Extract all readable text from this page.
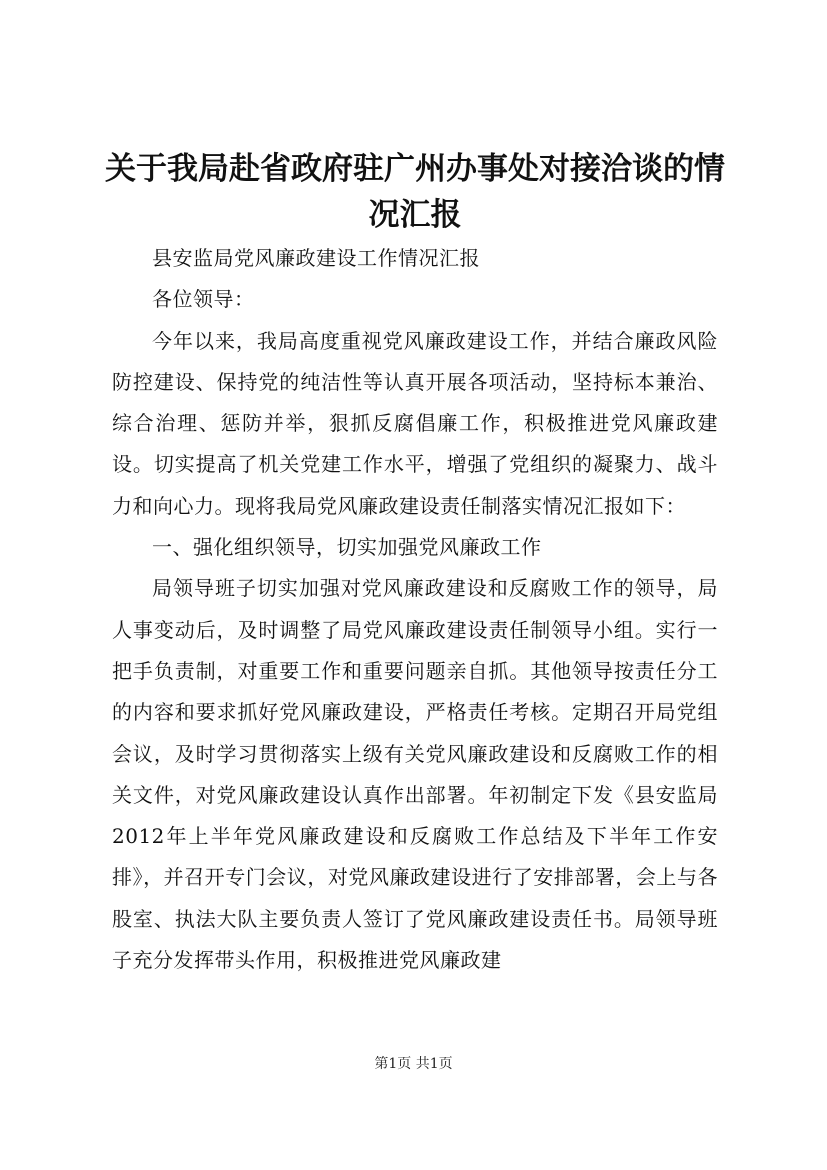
关于我局赴省政府驻广州办事处对接洽谈的情况汇报

县安监局党风廉政建设工作情况汇报

各位领导：

今年以来，我局高度重视党风廉政建设工作，并结合廉政风险防控建设、保持党的纯洁性等认真开展各项活动，坚持标本兼治、综合治理、惩防并举，狠抓反腐倡廉工作，积极推进党风廉政建设。切实提高了机关党建工作水平，增强了党组织的凝聚力、战斗力和向心力。现将我局党风廉政建设责任制落实情况汇报如下：

一、强化组织领导，切实加强党风廉政工作

局领导班子切实加强对党风廉政建设和反腐败工作的领导，局人事变动后，及时调整了局党风廉政建设责任制领导小组。实行一把手负责制，对重要工作和重要问题亲自抓。其他领导按责任分工的内容和要求抓好党风廉政建设，严格责任考核。定期召开局党组会议，及时学习贯彻落实上级有关党风廉政建设和反腐败工作的相关文件，对党风廉政建设认真作出部署。年初制定下发《县安监局2012年上半年党风廉政建设和反腐败工作总结及下半年工作安排》，并召开专门会议，对党风廉政建设进行了安排部署，会上与各股室、执法大队主要负责人签订了党风廉政建设责任书。局领导班子充分发挥带头作用，积极推进党风廉政建

第1页 共1页
